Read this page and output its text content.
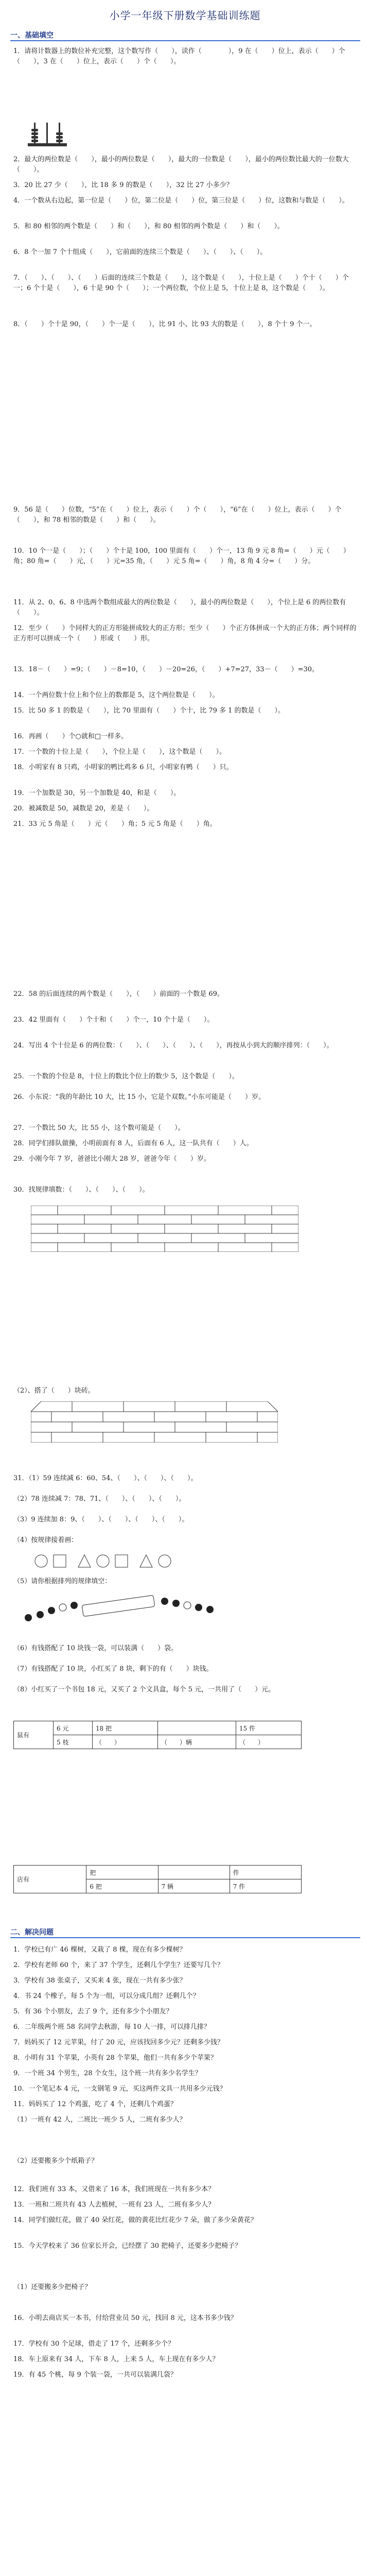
小学一年级下册数学基础训练题
一、基础填空
1．请将计数器上的数位补充完整，这个数写作（　　），读作（　　　　），9 在（　　）位上，表示（　　）个（　　），3 在（　　）位上，表示（　　）个（　　）。
2．最大的两位数是（　　），最小的两位数是（　　），最大的一位数是（　　），最小的两位数比最大的一位数大（　　）。
3．20 比 27 少（　　），比 18 多 9 的数是（　　），32 比 27 小多少？
4．一个数从右边起，第一位是（　　）位，第二位是（　　）位，第三位是（　　）位，这数和与数是（　　）。
5．和 80 相邻的两个数是（　　）和（　　），和 80 相邻的两个数是（　　）和（　　）。
6．8 个一加 7 个十组成（　　），它前面的连续三个数是（　　）、（　　）、（　　）。
7．（　　）、（　　）、（　　）后面的连续三个数是（　　），这个数是（　　），十位上是（　　）个十（　　）个一；6 个十是（　　），6 十是 90 个（　　）；一个两位数，个位上是 5，十位上是 8，这个数是（　　）。
8．（　　）个十是 90，（　　）个一是（　　），比 91 小、比 93 大的数是（　　），8 个十 9 个一。
9．56 是（　　）位数，“5”在（　　）位上，表示（　　）个（　　），“6”在（　　）位上，表示（　　）个（　　），和 78 相邻的数是（　　）和（　　）。
10．10 个一是（　　）；（　　）个十是 100，100 里面有（　　）个一，13 角 9 元 8 角=（　　）元（　　）角；80 角=（　　）元，（　　）元=35 角，（　　）元 5 角=（　　）角，8 角 4 分=（　　）分。
11．从 2、0、6、8 中选两个数组成最大的两位数是（　　），最小的两位数是（　　），个位上是 6 的两位数有（　　）。
12．至少（　　）个同样大的正方形能拼成较大的正方形；至少（　　）个正方体拼成一个大的正方体；两个同样的正方形可以拼成一个（　　）形或（　　）形。
13．18－（　　）=9；（　　）－8=10，（　　）－20=26，（　　）+7=27，33－（　　）=30。
14．一个两位数十位上和个位上的数都是 5，这个两位数是（　　）。
15．比 50 多 1 的数是（　　），比 70 里面有（　　）个十，比 79 多 1 的数是（　　）。
16．再画（　　）个○就和□一样多。
17．一个数的十位上是（　　），个位上是（　　），这个数是（　　）。
18．小明家有 8 只鸡，小明家的鸭比鸡多 6 只，小明家有鸭（　　）只。
19．一个加数是 30，另一个加数是 40，和是（　　）。
20．被减数是 50，减数是 20，差是（　　）。
21．33 元 5 角是（　　）元（　　）角；5 元 5 角是（　　）角。
22．58 的后面连续的两个数是（　　），（　　）前面的一个数是 69。
23．42 里面有（　　）个十和（　　）个一，10 个十是（　　）。
24．写出 4 个十位是 6 的两位数：（　　）、（　　）、（　　）、（　　），再按从小到大的顺序排列：（　　）。
25．一个数的个位是 8，十位上的数比个位上的数少 5，这个数是（　　）。
26．小东说：“我的年龄比 10 大，比 15 小，它是个双数。”小东可能是（　　）岁。
27．一个数比 50 大，比 55 小，这个数可能是（　　）。
28．同学们排队做操，小明前面有 8 人，后面有 6 人，这一队共有（　　）人。
29．小刚今年 7 岁，爸爸比小刚大 28 岁，爸爸今年（　　）岁。
30．找规律填数：（　　）、（　　）、（　　）。
（2）、搭了（　　）块砖。
31．（1）59 连续减 6：60、54、（　　）、（　　）、（　　）。
（2）78 连续减 7：78、71、（　　）、（　　）、（　　）。
（3）9 连续加 8：9、（　　）、（　　）、（　　）、（　　）。
（4）按规律接着画：
（5）请你根据排列的规律填空：
（6）有钱搭配了 10 块钱一袋，可以装满（　　）袋。
（7）有钱搭配了 10 块，小红买了 8 块，剩下的有（　　）块钱。
（8）小红买了一个书包 18 元，又买了 2 个文具盒，每个 5 元，一共用了（　　）元。
鼠有	6 元	18 把		15 件
	5 枝	（　　）	（　　）辆	（　　）
店有	把		件
	6 把	7 辆	7 件
二、解决问题
1．学校已有广 46 棵树，又栽了 8 棵，现在有多少棵树？
2．学校有老师 60 个，来了 37 个学生，还剩几个学生？还要写几个？
3．学校有 38 张桌子，又买来 4 张，现在一共有多少张？
4．书 24 个橡子，每 5 个为一组，可以分成几组？还剩几个？
5．有 36 个小朋友，去了 9 个，还有多少个小朋友？
6．二年级两个班 58 名同学去秋游，每 10 人一排，可以排几排？
7．妈妈买了 12 元苹果，付了 20 元，应该找回多少元？还剩多少钱？
8．小明有 31 个苹果，小英有 28 个苹果，他们一共有多少个苹果？
9．一个班 34 个男生，28 个女生，这个班一共有多少名学生？
10．一个笔记本 4 元，一支钢笔 9 元，买这两件文具一共用多少元钱？
11．妈妈买了 12 个鸡蛋，吃了 4 个，还剩几个鸡蛋？
（1）一班有 42 人，二班比一班少 5 人，二班有多少人？
（2）还要搬多少个纸箱子？
12．我们班有 33 本，又借来了 16 本，我们班现在一共有多少本？
13．一班和二班共有 43 人去植树，一班有 23 人，二班有多少人？
14．同学们做红花，做了 40 朵红花，做的黄花比红花少 7 朵，做了多少朵黄花？
15．今天学校来了 36 位家长开会，已经摆了 30 把椅子，还要多少把椅子？
（1）还要搬多少把椅子？
16．小明去商店买一本书，付给营业员 50 元，找回 8 元，这本书多少钱？
17．学校有 30 个足球，借走了 17 个，还剩多少个？
18．车上原来有 34 人，下车 8 人，上来 5 人，车上现在有多少人？
19．有 45 个桃，每 9 个装一袋，一共可以装满几袋？
